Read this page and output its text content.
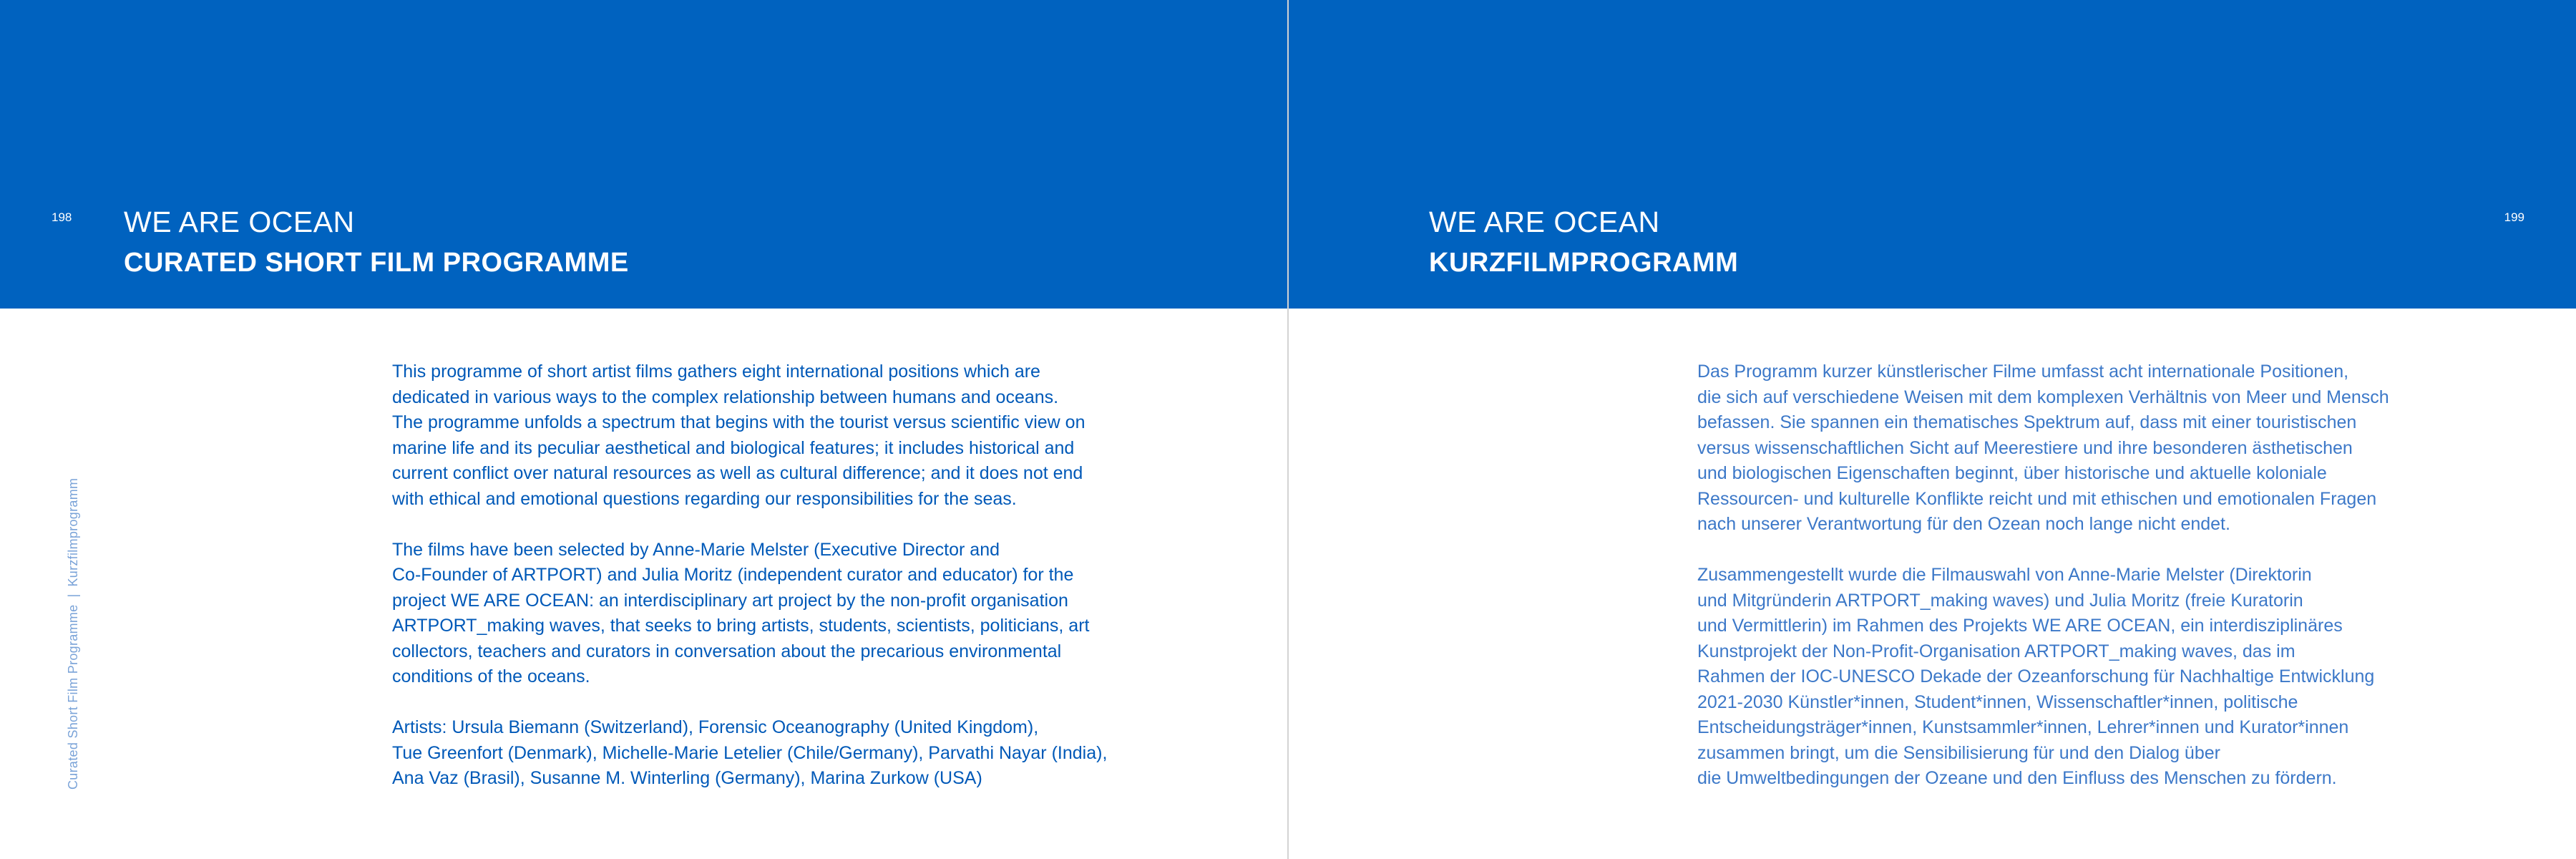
198 WE ARE OCEAN
CURATED SHORT FILM PROGRAMME
Curated Short Film Programme|Kurzfilmprogramm

This programme of short artist films gathers eight international positions which are
dedicated in various ways to the complex relationship between humans and oceans.
The programme unfolds a spectrum that begins with the tourist versus scientific view on
marine life and its peculiar aesthetical and biological features; it includes historical and
current conflict over natural resources as well as cultural difference; and it does not end
with ethical and emotional questions regarding our responsibilities for the seas.

The films have been selected by Anne-Marie Melster (Executive Director and
Co-Founder of ARTPORT) and Julia Moritz (independent curator and educator) for the
project WE ARE OCEAN: an interdisciplinary art project by the non-profit organisation
ARTPORT_making waves, that seeks to bring artists, students, scientists, politicians, art
collectors, teachers and curators in conversation about the precarious environmental
conditions of the oceans.

Artists: Ursula Biemann (Switzerland), Forensic Oceanography (United Kingdom),
Tue Greenfort (Denmark), Michelle-Marie Letelier (Chile/Germany), Parvathi Nayar (India),
Ana Vaz (Brasil), Susanne M. Winterling (Germany), Marina Zurkow (USA)

199
WE ARE OCEAN
KURZFILMPROGRAMM

Das Programm kurzer künstlerischer Filme umfasst acht internationale Positionen,
die sich auf verschiedene Weisen mit dem komplexen Verhältnis von Meer und Mensch
befassen. Sie spannen ein thematisches Spektrum auf, dass mit einer touristischen
versus wissenschaftlichen Sicht auf Meerestiere und ihre besonderen ästhetischen
und biologischen Eigenschaften beginnt, über historische und aktuelle koloniale
Ressourcen- und kulturelle Konflikte reicht und mit ethischen und emotionalen Fragen
nach unserer Verantwortung für den Ozean noch lange nicht endet.

Zusammengestellt wurde die Filmauswahl von Anne-Marie Melster (Direktorin
und Mitgründerin ARTPORT_making waves) und Julia Moritz (freie Kuratorin
und Vermittlerin) im Rahmen des Projekts WE ARE OCEAN, ein interdisziplinäres
Kunstprojekt der Non-Profit-Organisation ARTPORT_making waves, das im
Rahmen der IOC-UNESCO Dekade der Ozeanforschung für Nachhaltige Entwicklung
2021-2030 Künstler*innen, Student*innen, Wissenschaftler*innen, politische
Entscheidungsträger*innen, Kunstsammler*innen, Lehrer*innen und Kurator*innen
zusammen bringt, um die Sensibilisierung für und den Dialog über
die Umweltbedingungen der Ozeane und den Einfluss des Menschen zu fördern.
